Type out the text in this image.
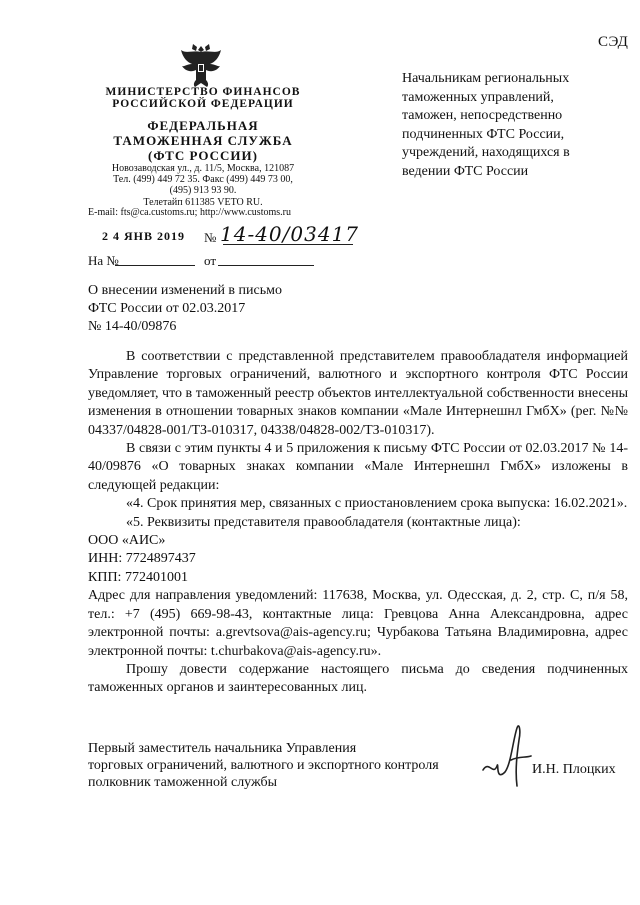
СЭД
МИНИСТЕРСТВО ФИНАНСОВ
РОССИЙСКОЙ ФЕДЕРАЦИИ
ФЕДЕРАЛЬНАЯ
ТАМОЖЕННАЯ СЛУЖБА
(ФТС РОССИИ)
Новозаводская ул., д. 11/5, Москва, 121087
Тел. (499) 449 72 35. Факс (499) 449 73 00,
(495) 913 93 90.
Телетайп 611385 VETO RU.
E-mail: fts@ca.customs.ru; http://www.customs.ru
Начальникам региональных таможенных управлений, таможен, непосредственно подчиненных ФТС России, учреждений, находящихся в ведении ФТС России
2 4 ЯНВ 2019 № 14-40/03417
На №	от
О внесении изменений в письмо
ФТС России от 02.03.2017
№ 14-40/09876

В соответствии с представленной представителем правообладателя информацией Управление торговых ограничений, валютного и экспортного контроля ФТС России уведомляет, что в таможенный реестр объектов интеллектуальной собственности внесены изменения в отношении товарных знаков компании «Мале Интернешнл ГмбХ» (рег. №№ 04337/04828-001/ТЗ-010317, 04338/04828-002/ТЗ-010317).

В связи с этим пункты 4 и 5 приложения к письму ФТС России от 02.03.2017 № 14-40/09876 «О товарных знаках компании «Мале Интернешнл ГмбХ» изложены в следующей редакции:

«4. Срок принятия мер, связанных с приостановлением срока выпуска: 16.02.2021».

«5. Реквизиты представителя правообладателя (контактные лица):

ООО «АИС»

ИНН: 7724897437

КПП: 772401001

Адрес для направления уведомлений: 117638, Москва, ул. Одесская, д. 2, стр. С, п/я 58, тел.: +7 (495) 669-98-43, контактные лица: Гревцова Анна Александровна, адрес электронной почты: a.grevtsova@ais-agency.ru; Чурбакова Татьяна Владимировна, адрес электронной почты: t.churbakova@ais-agency.ru».

Прошу довести содержание настоящего письма до сведения подчиненных таможенных органов и заинтересованных лиц.

Первый заместитель начальника Управления
торговых ограничений, валютного и экспортного контроля
полковник таможенной службы
И.Н. Плоцких
